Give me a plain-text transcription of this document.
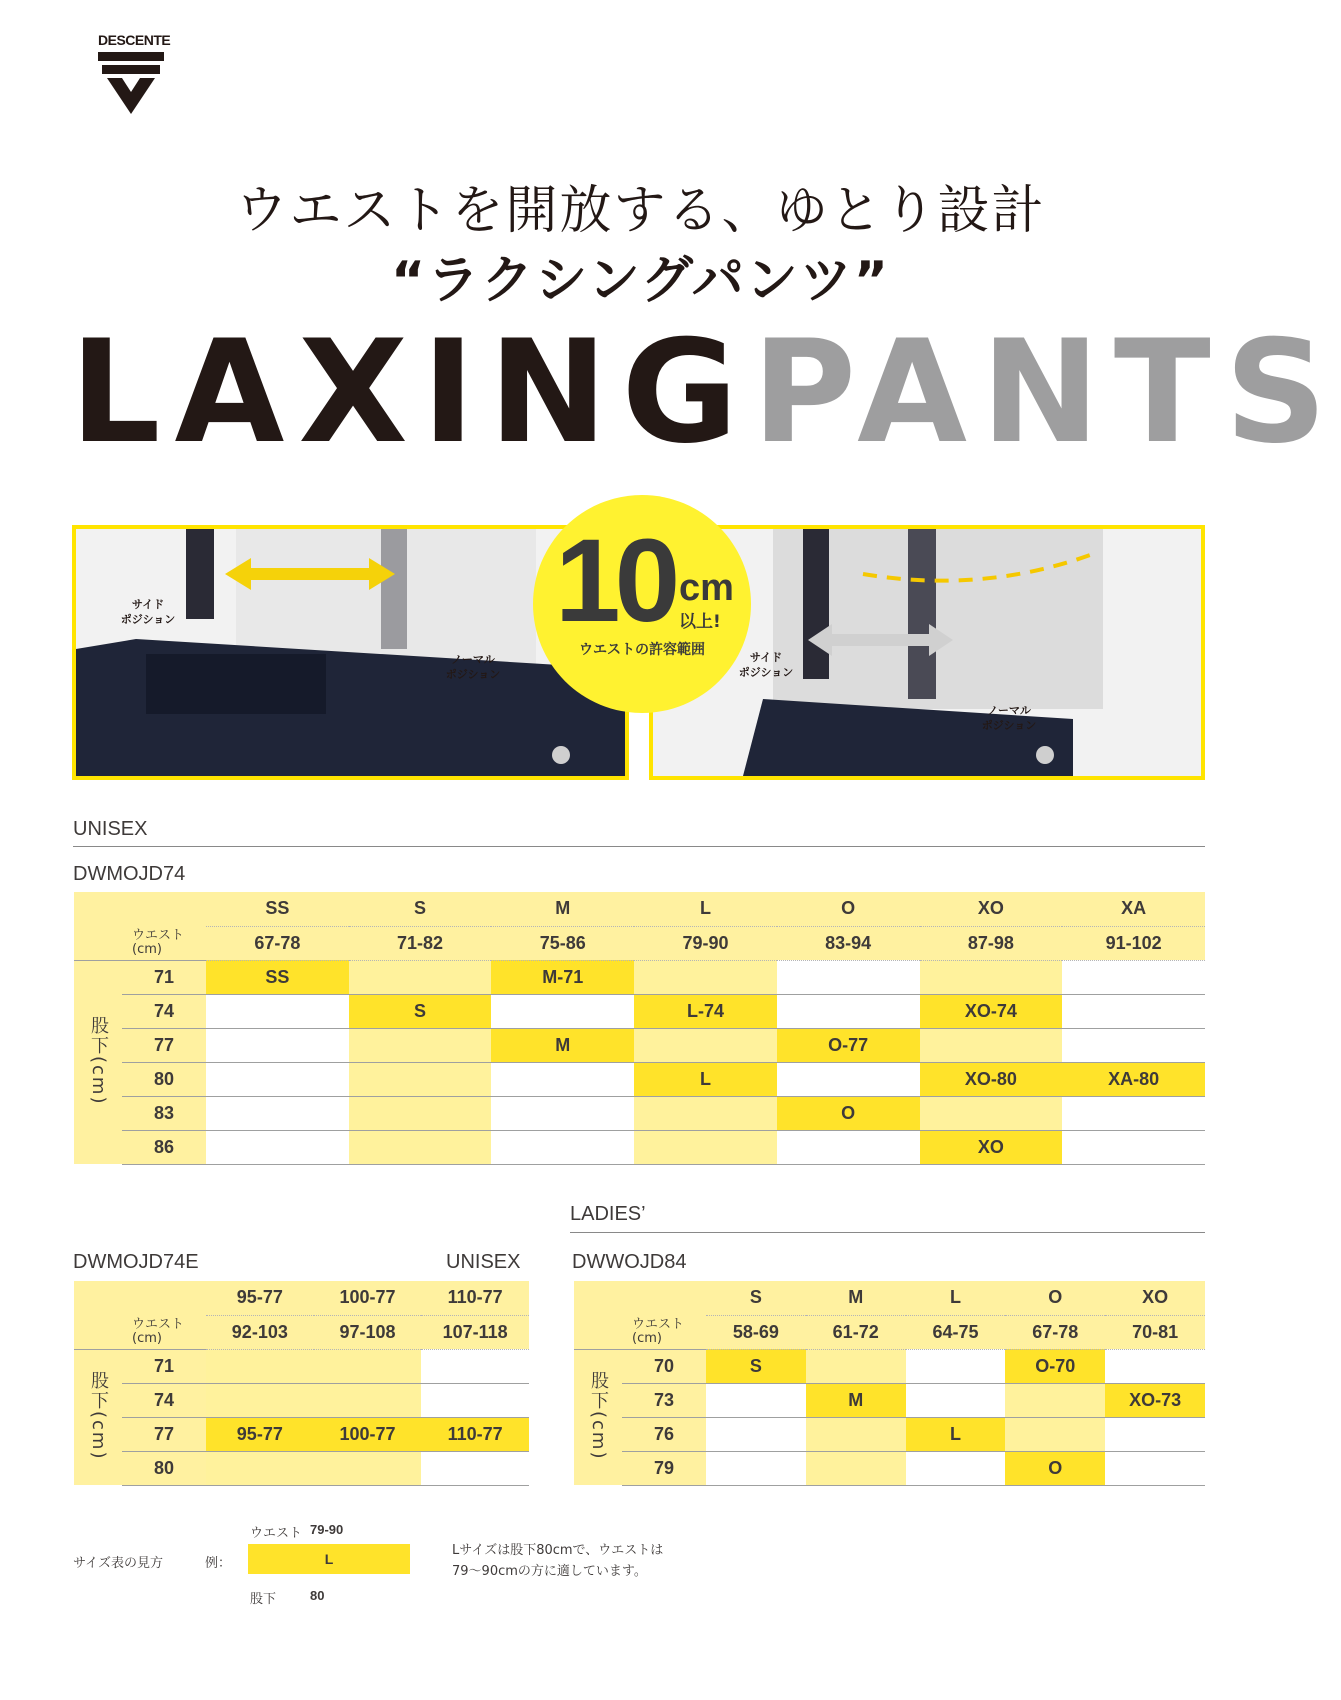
DESCENTE
ウエストを開放する、ゆとり設計
“ラクシングパンツ”
LAXINGPANTS
サイド
ポジション
ノーマル
ポジション
サイド
ポジション
ノーマル
ポジション
10 cm
以上!
ウエストの許容範囲
UNISEX
DWMOJD74
		SS	S	M	L	O	XO	XA
ウエスト
(cm)		67-78	71-82	75-86	79-90	83-94	87-98	91-102
股下(cm)	71	SS		M-71				
	74		S		L-74		XO-74	
	77			M		O-77		
	80				L		XO-80	XA-80
	83					O		
	86						XO	
LADIES’
DWMOJD74E	UNISEX
		95-77	100-77	110-77
ウエスト
(cm)		92-103	97-108	107-118
股下(cm)	71			
	74			
	77	95-77	100-77	110-77
	80			
DWWOJD84
		S	M	L	O	XO
ウエスト
(cm)		58-69	61-72	64-75	67-78	70-81
股下(cm)	70	S			O-70	
	73		M			XO-73
	76			L		
	79				O	
サイズ表の見方	例：
ウエスト 79-90
L
股下	80
Lサイズは股下80cmで、ウエストは
79〜90cmの方に適しています。
